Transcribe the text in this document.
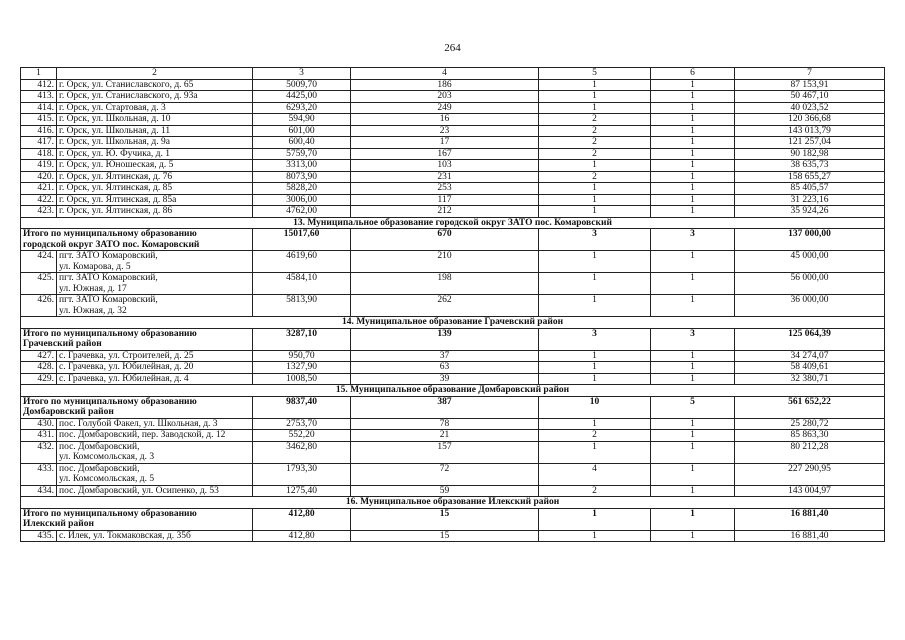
264
1	2	3	4	5	6	7
412.	г. Орск, ул. Станиславского, д. 65	5009,70	186	1	1	87 153,91
413.	г. Орск, ул. Станиславского, д. 93а	4425,00	203	1	1	50 467,10
414.	г. Орск, ул. Стартовая, д. 3	6293,20	249	1	1	40 023,52
415.	г. Орск, ул. Школьная, д. 10	594,90	16	2	1	120 366,68
416.	г. Орск, ул. Школьная, д. 11	601,00	23	2	1	143 013,79
417.	г. Орск, ул. Школьная, д. 9а	600,40	17	2	1	121 257,04
418.	г. Орск, ул. Ю. Фучика, д. 1	5759,70	167	2	1	90 182,98
419.	г. Орск, ул. Юношеская, д. 5	3313,00	103	1	1	38 635,73
420.	г. Орск, ул. Ялтинская, д. 76	8073,90	231	2	1	158 655,27
421.	г. Орск, ул. Ялтинская, д. 85	5828,20	253	1	1	85 405,57
422.	г. Орск, ул. Ялтинская, д. 85а	3006,00	117	1	1	31 223,16
423.	г. Орск, ул. Ялтинская, д. 86	4762,00	212	1	1	35 924,26
13. Муниципальное образование городской округ ЗАТО пос. Комаровский						

Итого по муниципальному образованию
городской округ ЗАТО пос. Комаровский		15017,60	670	3	3	137 000,00
424.	пгт. ЗАТО Комаровский,
ул. Комарова, д. 5	4619,60	210	1	1	45 000,00
425.	пгт. ЗАТО Комаровский,
ул. Южная, д. 17	4584,10	198	1	1	56 000,00
426.	пгт. ЗАТО Комаровский,
ул. Южная, д. 32	5813,90	262	1	1	36 000,00
14. Муниципальное образование Грачевский район						

Итого по муниципальному образованию
Грачевский район		3287,10	139	3	3	125 064,39
427.	с. Грачевка, ул. Строителей, д. 25	950,70	37	1	1	34 274,07
428.	с. Грачевка, ул. Юбилейная, д. 20	1327,90	63	1	1	58 409,61
429.	с. Грачевка, ул. Юбилейная, д. 4	1008,50	39	1	1	32 380,71
15. Муниципальное образование Домбаровский район						

Итого по муниципальному образованию
Домбаровский район		9837,40	387	10	5	561 652,22
430.	пос. Голубой Факел, ул. Школьная, д. 3	2753,70	78	1	1	25 280,72
431.	пос. Домбаровский, пер. Заводской, д. 12	552,20	21	2	1	85 863,30
432.	пос. Домбаровский,
ул. Комсомольская, д. 3	3462,80	157	1	1	80 212,28
433.	пос. Домбаровский,
ул. Комсомольская, д. 5	1793,30	72	4	1	227 290,95
434.	пос. Домбаровский, ул. Осипенко, д. 53	1275,40	59	2	1	143 004,97
16. Муниципальное образование Илекский район						

Итого по муниципальному образованию
Илекский район		412,80	15	1	1	16 881,40
435.	с. Илек, ул. Токмаковская, д. 35б	412,80	15	1	1	16 881,40
